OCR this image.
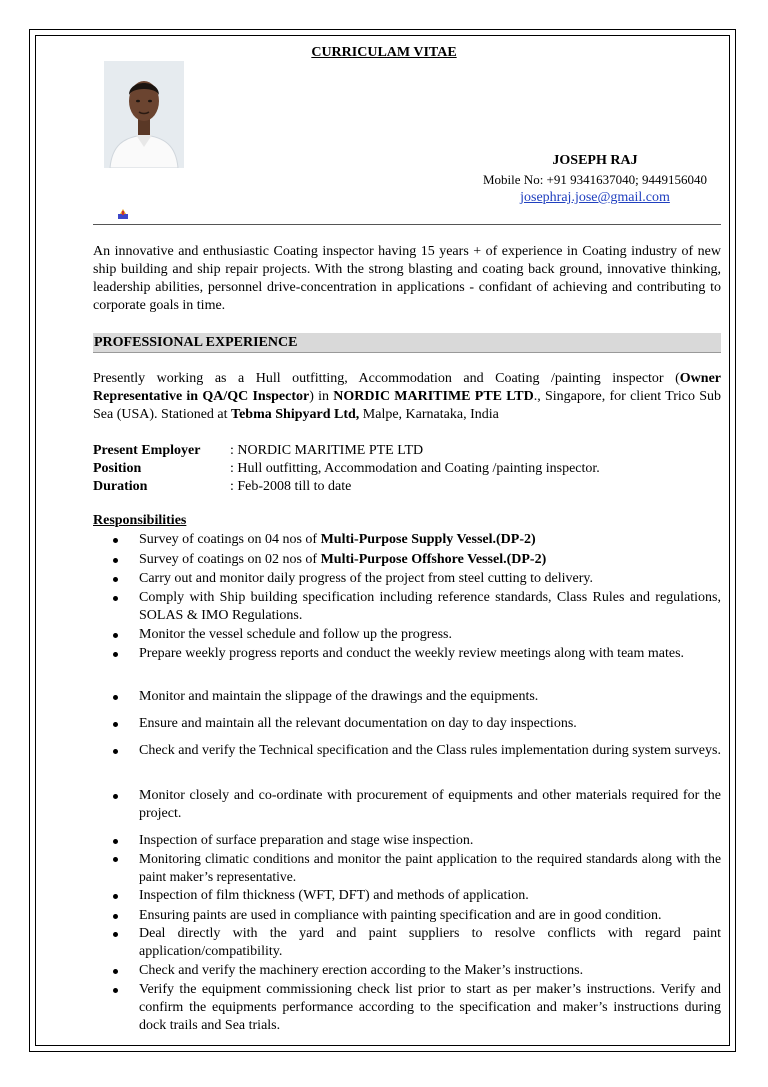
CURRICULAM VITAE
JOSEPH RAJ
Mobile No: +91 9341637040; 9449156040
josephraj.jose@gmail.com
An innovative and enthusiastic Coating inspector having 15 years + of experience in Coating industry of new ship building and ship repair projects. With the strong blasting and coating back ground, innovative thinking, leadership abilities, personnel drive-concentration in applications - confidant of achieving and contributing to corporate goals in time.
PROFESSIONAL EXPERIENCE
Presently working as a Hull outfitting, Accommodation and Coating /painting inspector (Owner Representative in QA/QC Inspector) in NORDIC MARITIME PTE LTD., Singapore, for client Trico Sub Sea (USA). Stationed at Tebma Shipyard Ltd, Malpe, Karnataka, India
Present Employer : NORDIC MARITIME PTE LTD
Position	: Hull outfitting, Accommodation and Coating /painting inspector.
Duration	: Feb-2008 till to date
Responsibilities
Survey of coatings on 04 nos of Multi-Purpose Supply Vessel.(DP-2)
Survey of coatings on 02 nos of Multi-Purpose Offshore Vessel.(DP-2)
Carry out and monitor daily progress of the project from steel cutting to delivery.
Comply with Ship building specification including reference standards, Class Rules and regulations, SOLAS & IMO Regulations.
Monitor the vessel schedule and follow up the progress.
Prepare weekly progress reports and conduct the weekly review meetings along with team mates.
Monitor and maintain the slippage of the drawings and the equipments.
Ensure and maintain all the relevant documentation on day to day inspections.
Check and verify the Technical specification and the Class rules implementation during system surveys.
Monitor closely and co-ordinate with procurement of equipments and other materials required for the project.
Inspection of surface preparation and stage wise inspection.
Monitoring climatic conditions and monitor the paint application to the required standards along with the paint maker’s representative.
Inspection of film thickness (WFT, DFT) and methods of application.
Ensuring paints are used in compliance with painting specification and are in good condition.
Deal directly with the yard and paint suppliers to resolve conflicts with regard paint application/compatibility.
Check and verify the machinery erection according to the Maker’s instructions.
Verify the equipment commissioning check list prior to start as per maker’s instructions. Verify and confirm the equipments performance according to the specification and maker’s instructions during dock trails and Sea trials.
